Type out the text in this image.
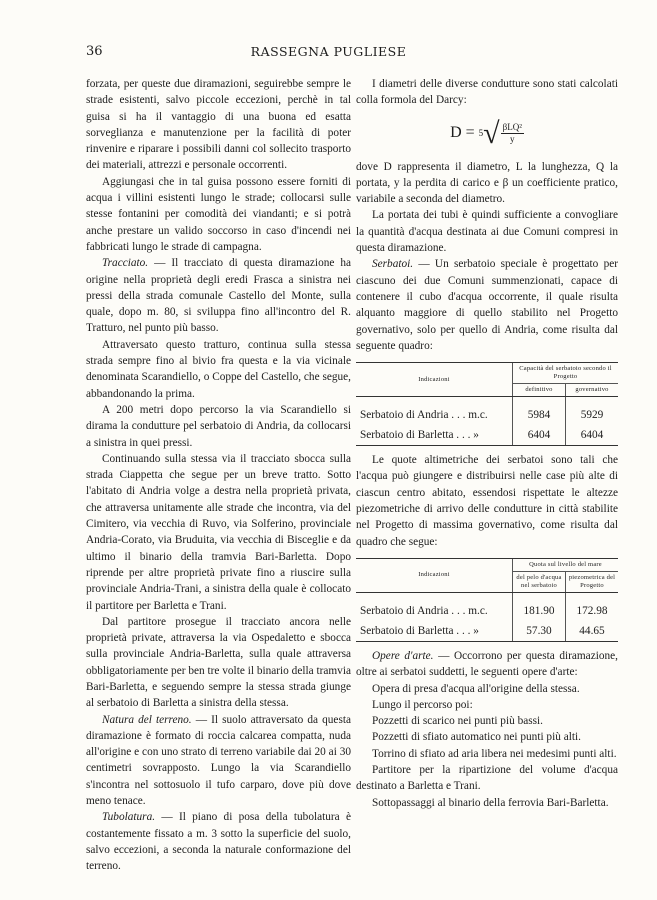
36	RASSEGNA PUGLIESE

forzata, per queste due diramazioni, seguirebbe sempre le strade esistenti, salvo piccole eccezioni, perchè in tal guisa si ha il vantaggio di una buona ed esatta sorveglianza e manutenzione per la facilità di poter rinvenire e riparare i possibili danni col sollecito trasporto dei materiali, attrezzi e personale occorrenti.

Aggiungasi che in tal guisa possono essere forniti di acqua i villini esistenti lungo le strade; collocarsi sulle stesse fontanini per comodità dei viandanti; e si potrà anche prestare un valido soccorso in caso d'incendi nei fabbricati lungo le strade di campagna.

Tracciato. — Il tracciato di questa diramazione ha origine nella proprietà degli eredi Frasca a sinistra nei pressi della strada comunale Castello del Monte, sulla quale, dopo m. 80, si sviluppa fino all'incontro del R. Tratturo, nel punto più basso.

Attraversato questo tratturo, continua sulla stessa strada sempre fino al bivio fra questa e la via vicinale denominata Scarandiello, o Coppe del Castello, che segue, abbandonando la prima.

A 200 metri dopo percorso la via Scarandiello si dirama la condutture pel serbatoio di Andria, da collocarsi a sinistra in quei pressi.

Continuando sulla stessa via il tracciato sbocca sulla strada Ciappetta che segue per un breve tratto. Sotto l'abitato di Andria volge a destra nella proprietà privata, che attraversa unitamente alle strade che incontra, via del Cimitero, via vecchia di Ruvo, via Solferino, provinciale Andria-Corato, via Bruduita, via vecchia di Bisceglie e da ultimo il binario della tramvia Bari-Barletta. Dopo riprende per altre proprietà private fino a riuscire sulla provinciale Andria-Trani, a sinistra della quale è collocato il partitore per Barletta e Trani.

Dal partitore prosegue il tracciato ancora nelle proprietà private, attraversa la via Ospedaletto e sbocca sulla provinciale Andria-Barletta, sulla quale attraversa obbligatoriamente per ben tre volte il binario della tramvia Bari-Barletta, e seguendo sempre la stessa strada giunge al serbatoio di Barletta a sinistra della stessa.

Natura del terreno. — Il suolo attraversato da questa diramazione è formato di roccia calcarea compatta, nuda all'origine e con uno strato di terreno variabile dai 20 ai 30 centimetri sovrapposto. Lungo la via Scarandiello s'incontra nel sottosuolo il tufo carparo, dove più dove meno tenace.

Tubolatura. — Il piano di posa della tubolatura è costantemente fissato a m. 3 sotto la superficie del suolo, salvo eccezioni, a seconda la naturale conformazione del terreno.

I diametri delle diverse condutture sono stati calcolati colla formola del Darcy:

D =
5 √ $\frac{\text{βLQ²}}{y}$

dove D rappresenta il diametro, L la lunghezza, Q la portata, y la perdita di carico e β un coefficiente pratico, variabile a seconda del diametro.

La portata dei tubi è quindi sufficiente a convogliare la quantità d'acqua destinata ai due Comuni compresi in questa diramazione.

Serbatoi. — Un serbatoio speciale è progettato per ciascuno dei due Comuni summenzionati, capace di contenere il cubo d'acqua occorrente, il quale risulta alquanto maggiore di quello stabilito nel Progetto governativo, solo per quello di Andria, come risulta dal seguente quadro:

Indicazioni	Capacità del serbatoio secondo il Progetto	
	definitivo	governativo
Serbatoio di Andria . . . m.c.	5984	5929
Serbatoio di Barletta . . . »	6404	6404

Le quote altimetriche dei serbatoi sono tali che l'acqua può giungere e distribuirsi nelle case più alte di ciascun centro abitato, essendosi rispettate le altezze piezometriche di arrivo delle condutture in città stabilite nel Progetto di massima governativo, come risulta dal quadro che segue:

Indicazioni	Quota sul livello del mare	
	del pelo d'acqua nel serbatoio	piezometrica del Progetto
Serbatoio di Andria . . . m.c.	181.90	172.98
Serbatoio di Barletta . . . »	57.30	44.65

Opere d'arte. — Occorrono per questa diramazione, oltre ai serbatoi suddetti, le seguenti opere d'arte:

Opera di presa d'acqua all'origine della stessa.

Lungo il percorso poi:

Pozzetti di scarico nei punti più bassi.

Pozzetti di sfiato automatico nei punti più alti.

Torrino di sfiato ad aria libera nei medesimi punti alti.

Partitore per la ripartizione del volume d'acqua destinato a Barletta e Trani.

Sottopassaggi al binario della ferrovia Bari-Barletta.
